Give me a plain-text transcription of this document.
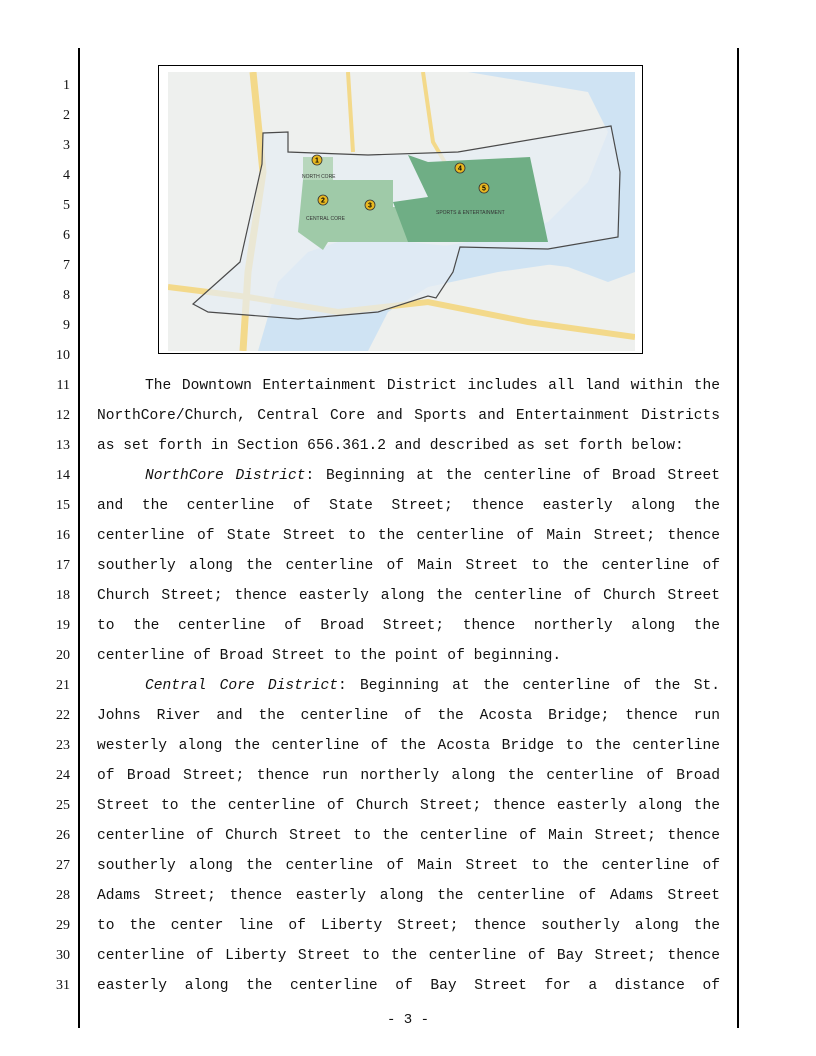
1
2
3
4
5
6
7
8
9
10
11
12
13
14
15
16
17
18
19
20
21
22
23
24
25
26
27
28
29
30
31
NORTH CORE
CENTRAL CORE
SPORTS & ENTERTAINMENT
1
2
3
4
5
The Downtown Entertainment District includes all land within the
NorthCore/Church, Central Core and Sports and Entertainment Districts
as set forth in Section 656.361.2 and described as set forth below:
NorthCore District: Beginning at the centerline of Broad Street
and the centerline of State Street; thence easterly along the
centerline of State Street to the centerline of Main Street; thence
southerly along the centerline of Main Street to the centerline of
Church Street; thence easterly along the centerline of Church Street
to the centerline of Broad Street; thence northerly along the
centerline of Broad Street to the point of beginning.
Central Core District: Beginning at the centerline of the St.
Johns River and the centerline of the Acosta Bridge; thence run
westerly along the centerline of the Acosta Bridge to the centerline
of Broad Street; thence run northerly along the centerline of Broad
Street to the centerline of Church Street; thence easterly along the
centerline of Church Street to the centerline of Main Street; thence
southerly along the centerline of Main Street to the centerline of
Adams Street; thence easterly along the centerline of Adams Street
to the center line of Liberty Street; thence southerly along the
centerline of Liberty Street to the centerline of Bay Street; thence
easterly along the centerline of Bay Street for a distance of
- 3 -
